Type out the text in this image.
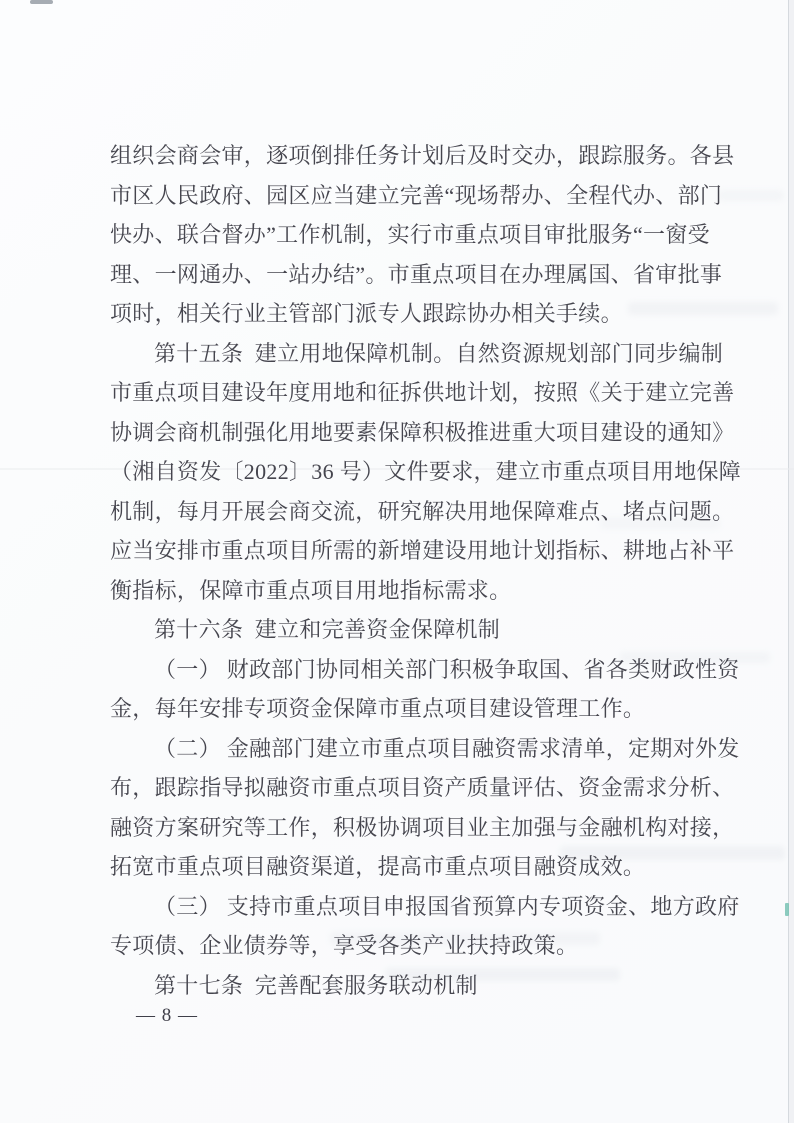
组织会商会审，逐项倒排任务计划后及时交办，跟踪服务。各县
市区人民政府、园区应当建立完善“现场帮办、全程代办、部门
快办、联合督办”工作机制，实行市重点项目审批服务“一窗受
理、一网通办、一站办结”。市重点项目在办理属国、省审批事
项时，相关行业主管部门派专人跟踪协办相关手续。
第十五条  建立用地保障机制。自然资源规划部门同步编制
市重点项目建设年度用地和征拆供地计划，按照《关于建立完善
协调会商机制强化用地要素保障积极推进重大项目建设的通知》
（湘自资发〔2022〕36 号）文件要求，建立市重点项目用地保障
机制，每月开展会商交流，研究解决用地保障难点、堵点问题。
应当安排市重点项目所需的新增建设用地计划指标、耕地占补平
衡指标，保障市重点项目用地指标需求。
第十六条  建立和完善资金保障机制
（一） 财政部门协同相关部门积极争取国、省各类财政性资
金，每年安排专项资金保障市重点项目建设管理工作。
（二） 金融部门建立市重点项目融资需求清单，定期对外发
布，跟踪指导拟融资市重点项目资产质量评估、资金需求分析、
融资方案研究等工作，积极协调项目业主加强与金融机构对接，
拓宽市重点项目融资渠道，提高市重点项目融资成效。
（三） 支持市重点项目申报国省预算内专项资金、地方政府
专项债、企业债券等，享受各类产业扶持政策。
第十七条  完善配套服务联动机制
— 8 —
